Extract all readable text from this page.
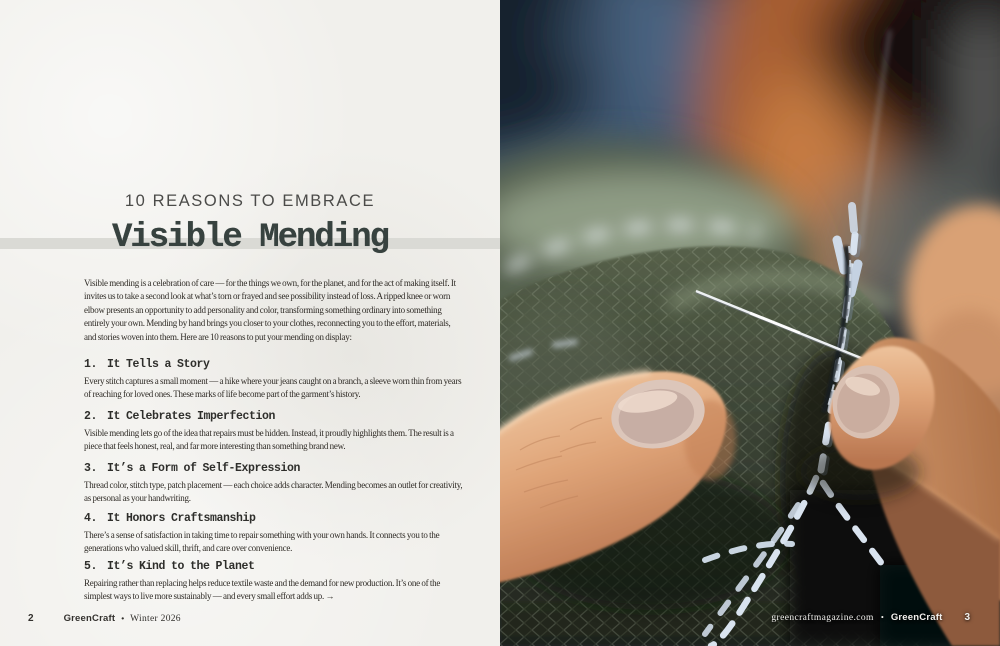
10 REASONS TO EMBRACE
Visible Mending

Visible mending is a celebration of care — for the things we own, for the planet, and for the act of making itself. It invites us to take a second look at what’s torn or frayed and see possibility instead of loss. A ripped knee or worn elbow presents an opportunity to add personality and color, transforming something ordinary into something entirely your own. Mending by hand brings you closer to your clothes, reconnecting you to the effort, materials, and stories woven into them. Here are 10 reasons to put your mending on display:

1. It Tells a Story

Every stitch captures a small moment — a hike where your jeans caught on a branch, a sleeve worn thin from years of reaching for loved ones. These marks of life become part of the garment’s history.

2. It Celebrates Imperfection

Visible mending lets go of the idea that repairs must be hidden. Instead, it proudly highlights them. The result is a piece that feels honest, real, and far more interesting than something brand new.

3. It’s a Form of Self-Expression

Thread color, stitch type, patch placement — each choice adds character. Mending becomes an outlet for creativity, as personal as your handwriting.

4. It Honors Craftsmanship

There’s a sense of satisfaction in taking time to repair something with your own hands. It connects you to the generations who valued skill, thrift, and care over convenience.

5. It’s Kind to the Planet

Repairing rather than replacing helps reduce textile waste and the demand for new production. It’s one of the simplest ways to live more sustainably — and every small effort adds up. →

2	GreenCraft • Winter 2026	greencraftmagazine.com • GreenCraft 3
